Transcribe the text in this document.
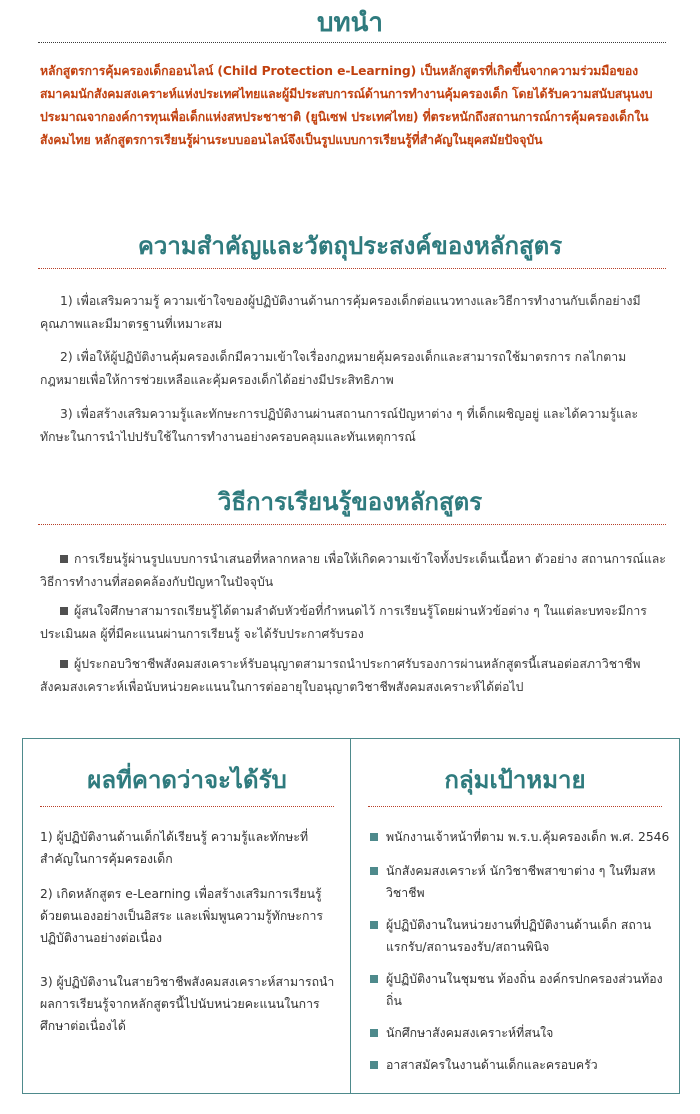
บทนำ

หลักสูตรการคุ้มครองเด็กออนไลน์ (Child Protection e-Learning) เป็นหลักสูตรที่เกิดขึ้นจากความร่วมมือของสมาคมนักสังคมสงเคราะห์แห่งประเทศไทยและผู้มีประสบการณ์ด้านการทำงานคุ้มครองเด็ก โดยได้รับความสนับสนุนงบประมาณจากองค์การทุนเพื่อเด็กแห่งสหประชาชาติ (ยูนิเซฟ ประเทศไทย) ที่ตระหนักถึงสถานการณ์การคุ้มครองเด็กในสังคมไทย หลักสูตรการเรียนรู้ผ่านระบบออนไลน์จึงเป็นรูปแบบการเรียนรู้ที่สำคัญในยุคสมัยปัจจุบัน

ความสำคัญและวัตถุประสงค์ของหลักสูตร

1) เพื่อเสริมความรู้ ความเข้าใจของผู้ปฏิบัติงานด้านการคุ้มครองเด็กต่อแนวทางและวิธีการทำงานกับเด็กอย่างมีคุณภาพและมีมาตรฐานที่เหมาะสม

2) เพื่อให้ผู้ปฏิบัติงานคุ้มครองเด็กมีความเข้าใจเรื่องกฎหมายคุ้มครองเด็กและสามารถใช้มาตรการ กลไกตามกฎหมายเพื่อให้การช่วยเหลือและคุ้มครองเด็กได้อย่างมีประสิทธิภาพ

3) เพื่อสร้างเสริมความรู้และทักษะการปฏิบัติงานผ่านสถานการณ์ปัญหาต่าง ๆ ที่เด็กเผชิญอยู่ และได้ความรู้และทักษะในการนำไปปรับใช้ในการทำงานอย่างครอบคลุมและทันเหตุการณ์

วิธีการเรียนรู้ของหลักสูตร

การเรียนรู้ผ่านรูปแบบการนำเสนอที่หลากหลาย เพื่อให้เกิดความเข้าใจทั้งประเด็นเนื้อหา ตัวอย่าง สถานการณ์และวิธีการทำงานที่สอดคล้องกับปัญหาในปัจจุบัน

ผู้สนใจศึกษาสามารถเรียนรู้ได้ตามลำดับหัวข้อที่กำหนดไว้ การเรียนรู้โดยผ่านหัวข้อต่าง ๆ ในแต่ละบทจะมีการประเมินผล ผู้ที่มีคะแนนผ่านการเรียนรู้ จะได้รับประกาศรับรอง

ผู้ประกอบวิชาชีพสังคมสงเคราะห์รับอนุญาตสามารถนำประกาศรับรองการผ่านหลักสูตรนี้เสนอต่อสภาวิชาชีพสังคมสงเคราะห์เพื่อนับหน่วยคะแนนในการต่ออายุใบอนุญาตวิชาชีพสังคมสงเคราะห์ได้ต่อไป

ผลที่คาดว่าจะได้รับ

1) ผู้ปฏิบัติงานด้านเด็กได้เรียนรู้ ความรู้และทักษะที่สำคัญในการคุ้มครองเด็ก

2) เกิดหลักสูตร e-Learning เพื่อสร้างเสริมการเรียนรู้ด้วยตนเองอย่างเป็นอิสระ และเพิ่มพูนความรู้ทักษะการปฏิบัติงานอย่างต่อเนื่อง

3) ผู้ปฏิบัติงานในสายวิชาชีพสังคมสงเคราะห์สามารถนำผลการเรียนรู้จากหลักสูตรนี้ไปนับหน่วยคะแนนในการศึกษาต่อเนื่องได้

กลุ่มเป้าหมาย
พนักงานเจ้าหน้าที่ตาม พ.ร.บ.คุ้มครองเด็ก พ.ศ. 2546
นักสังคมสงเคราะห์ นักวิชาชีพสาขาต่าง ๆ ในทีมสหวิชาชีพ
ผู้ปฏิบัติงานในหน่วยงานที่ปฏิบัติงานด้านเด็ก สถานแรกรับ/สถานรองรับ/สถานพินิจ
ผู้ปฏิบัติงานในชุมชน ท้องถิ่น องค์กรปกครองส่วนท้องถิ่น
นักศึกษาสังคมสงเคราะห์ที่สนใจ
อาสาสมัครในงานด้านเด็กและครอบครัว
